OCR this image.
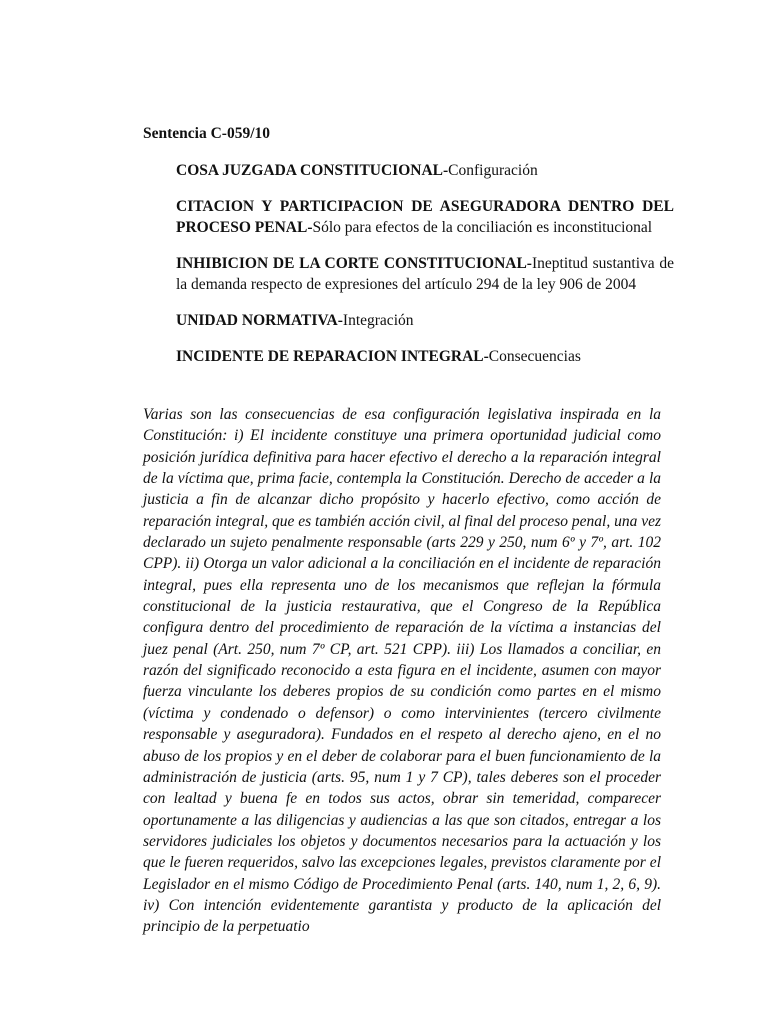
Sentencia C-059/10

COSA JUZGADA CONSTITUCIONAL-Configuración

CITACION Y PARTICIPACION DE ASEGURADORA DENTRO DEL PROCESO PENAL-Sólo para efectos de la conciliación es inconstitucional

INHIBICION DE LA CORTE CONSTITUCIONAL-Ineptitud sustantiva de la demanda respecto de expresiones del artículo 294 de la ley 906 de 2004

UNIDAD NORMATIVA-Integración

INCIDENTE DE REPARACION INTEGRAL-Consecuencias

Varias son las consecuencias de esa configuración legislativa inspirada en la Constitución: i) El incidente constituye una primera oportunidad judicial como posición jurídica definitiva para hacer efectivo el derecho a la reparación integral de la víctima que, prima facie, contempla la Constitución. Derecho de acceder a la justicia a fin de alcanzar dicho propósito y hacerlo efectivo, como acción de reparación integral, que es también acción civil, al final del proceso penal, una vez declarado un sujeto penalmente responsable (arts 229 y 250, num 6º y 7º, art. 102 CPP). ii) Otorga un valor adicional a la conciliación en el incidente de reparación integral, pues ella representa uno de los mecanismos que reflejan la fórmula constitucional de la justicia restaurativa, que el Congreso de la República configura dentro del procedimiento de reparación de la víctima a instancias del juez penal (Art. 250, num 7º CP, art. 521 CPP). iii) Los llamados a conciliar, en razón del significado reconocido a esta figura en el incidente, asumen con mayor fuerza vinculante los deberes propios de su condición como partes en el mismo (víctima y condenado o defensor) o como intervinientes (tercero civilmente responsable y aseguradora). Fundados en el respeto al derecho ajeno, en el no abuso de los propios y en el deber de colaborar para el buen funcionamiento de la administración de justicia (arts. 95, num 1 y 7 CP), tales deberes son el proceder con lealtad y buena fe en todos sus actos, obrar sin temeridad, comparecer oportunamente a las diligencias y audiencias a las que son citados, entregar a los servidores judiciales los objetos y documentos necesarios para la actuación y los que le fueren requeridos, salvo las excepciones legales, previstos claramente por el Legislador en el mismo Código de Procedimiento Penal (arts. 140, num 1, 2, 6, 9). iv) Con intención evidentemente garantista y producto de la aplicación del principio de la perpetuatio
